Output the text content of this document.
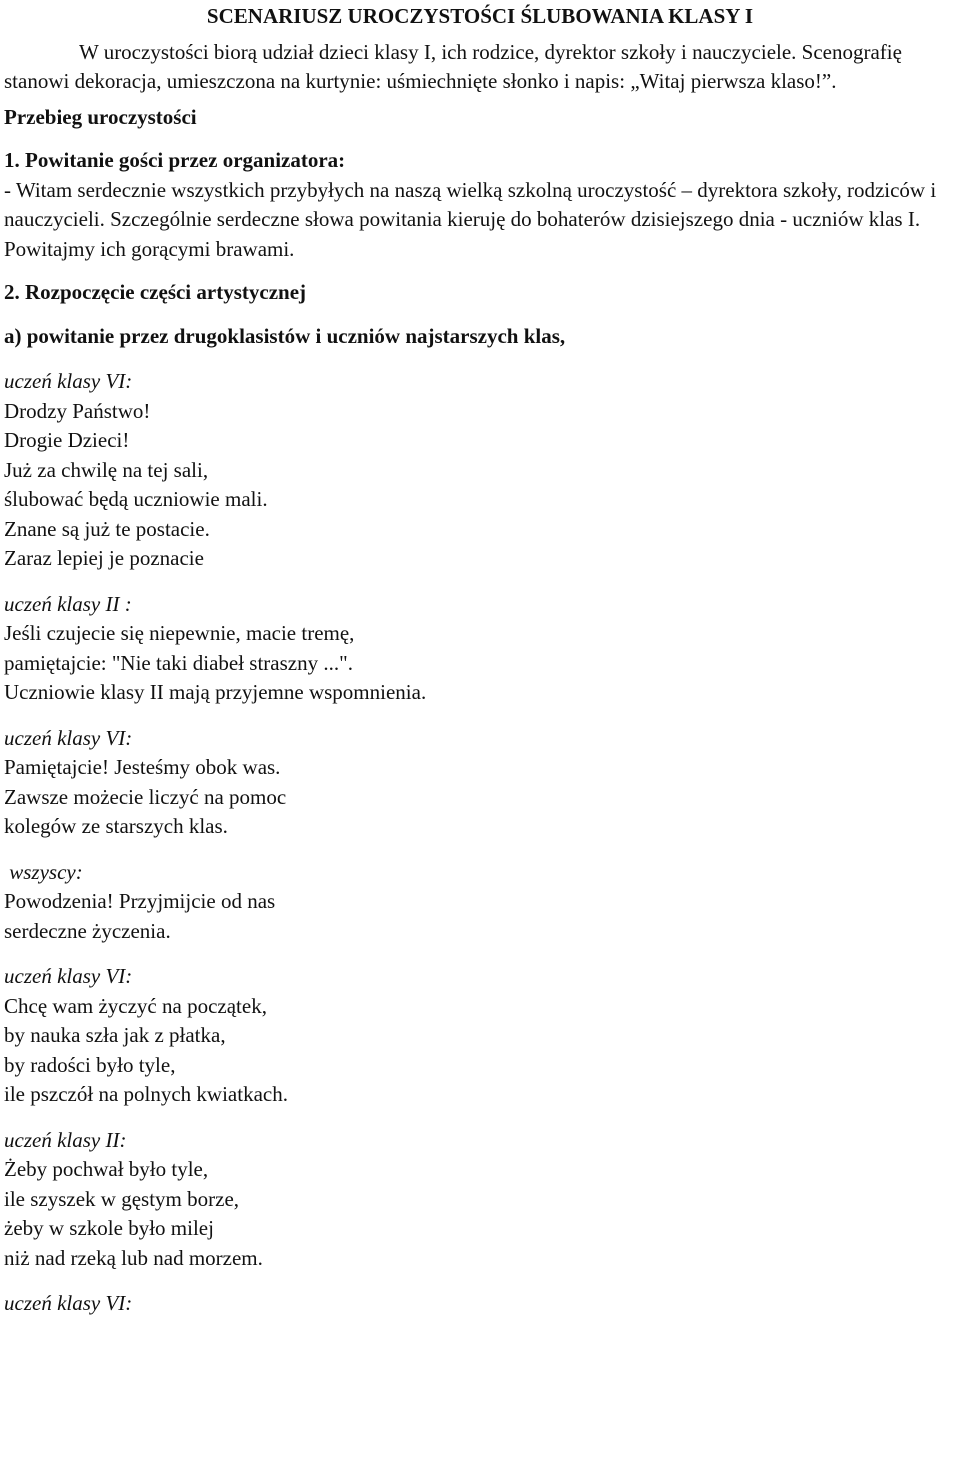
SCENARIUSZ UROCZYSTOŚCI ŚLUBOWANIA KLASY I

W uroczystości biorą udział dzieci klasy I, ich rodzice, dyrektor szkoły i nauczyciele. Scenografię stanowi dekoracja, umieszczona na kurtynie: uśmiechnięte słonko i napis: „Witaj pierwsza klaso!”.

Przebieg uroczystości

1. Powitanie gości przez organizatora:

- Witam serdecznie wszystkich przybyłych na naszą wielką szkolną uroczystość – dyrektora szkoły, rodziców i nauczycieli. Szczególnie serdeczne słowa powitania kieruję do bohaterów dzisiejszego dnia - uczniów klas I. Powitajmy ich gorącymi brawami.

2. Rozpoczęcie części artystycznej

a) powitanie przez drugoklasistów i uczniów najstarszych klas,

uczeń klasy VI:

Drodzy Państwo!

Drogie Dzieci!

Już za chwilę na tej sali,

ślubować będą uczniowie mali.

Znane są już te postacie.

Zaraz lepiej je poznacie

uczeń klasy II :

Jeśli czujecie się niepewnie, macie tremę,

pamiętajcie: "Nie taki diabeł straszny ...".

Uczniowie klasy II mają przyjemne wspomnienia.

uczeń klasy VI:

Pamiętajcie! Jesteśmy obok was.

Zawsze możecie liczyć na pomoc

kolegów ze starszych klas.

wszyscy:

Powodzenia! Przyjmijcie od nas

serdeczne życzenia.

uczeń klasy VI:

Chcę wam życzyć na początek,

by nauka szła jak z płatka,

by radości było tyle,

ile pszczół na polnych kwiatkach.

uczeń klasy II:

Żeby pochwał było tyle,

ile szyszek w gęstym borze,

żeby w szkole było milej

niż nad rzeką lub nad morzem.

uczeń klasy VI:
